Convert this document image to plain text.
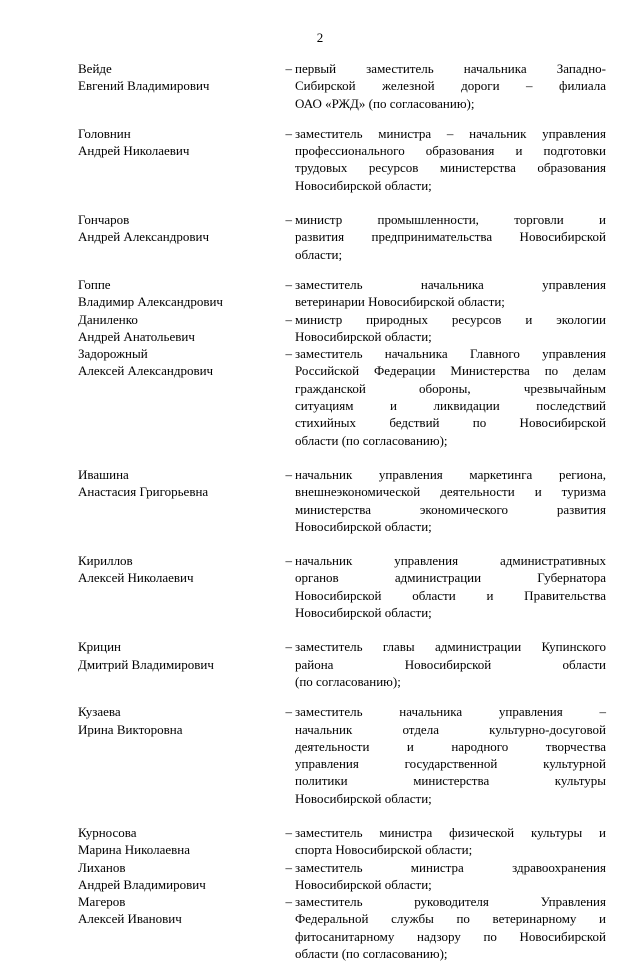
2
Вейде
Евгений Владимирович
– первый заместитель начальника Западно-
Сибирской железной дороги – филиала
ОАО «РЖД» (по согласованию);
Головнин
Андрей Николаевич
– заместитель министра – начальник управления
профессионального образования и подготовки
трудовых ресурсов министерства образования
Новосибирской области;
Гончаров
Андрей Александрович
– министр промышленности, торговли и
развития предпринимательства Новосибирской
области;
Гоппе
Владимир Александрович
– заместитель начальника управления
ветеринарии Новосибирской области;
Даниленко
Андрей Анатольевич
– министр природных ресурсов и экологии
Новосибирской области;
Задорожный
Алексей Александрович
– заместитель начальника Главного управления
Российской Федерации Министерства по делам
гражданской обороны, чрезвычайным
ситуациям и ликвидации последствий
стихийных бедствий по Новосибирской
области (по согласованию);
Ивашина
Анастасия Григорьевна
– начальник управления маркетинга региона,
внешнеэкономической деятельности и туризма
министерства экономического развития
Новосибирской области;
Кириллов
Алексей Николаевич
– начальник управления административных
органов администрации Губернатора
Новосибирской области и Правительства
Новосибирской области;
Крицин
Дмитрий Владимирович
– заместитель главы администрации Купинского
района Новосибирской области
(по согласованию);
Кузаева
Ирина Викторовна
– заместитель начальника управления –
начальник отдела культурно-досуговой
деятельности и народного творчества
управления государственной культурной
политики министерства культуры
Новосибирской области;
Курносова
Марина Николаевна
– заместитель министра физической культуры и
спорта Новосибирской области;
Лиханов
Андрей Владимирович
– заместитель министра здравоохранения
Новосибирской области;
Магеров
Алексей Иванович
– заместитель руководителя Управления
Федеральной службы по ветеринарному и
фитосанитарному надзору по Новосибирской
области (по согласованию);
